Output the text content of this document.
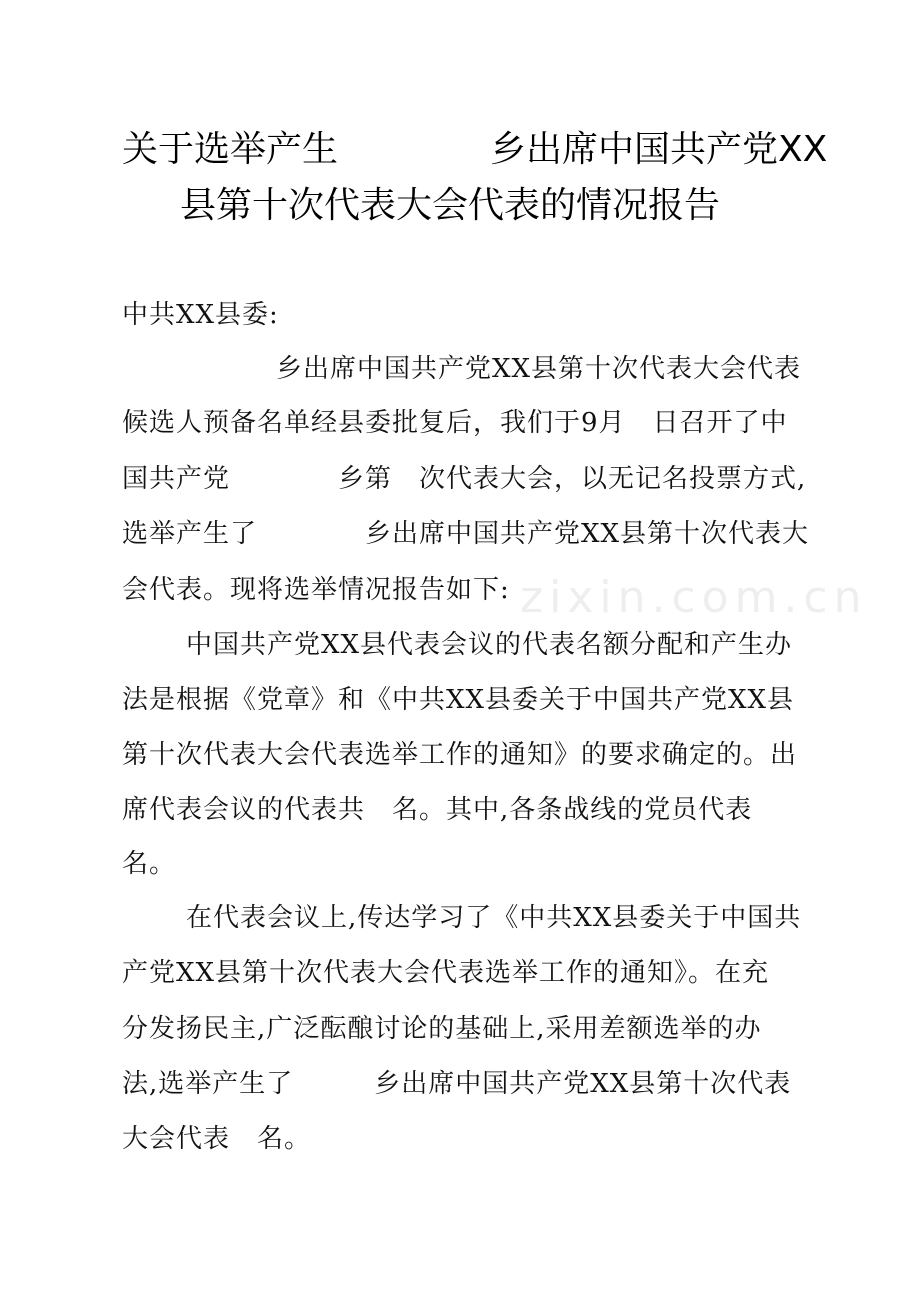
关于选举产生	乡出席中国共产党XX
县第十次代表大会代表的情况报告
中共XX县委:
乡出席中国共产党XX县第十次代表大会代表
候选人预备名单经县委批复后，我们于9月　日召开了中
国共产党　　　　乡第　次代表大会，以无记名投票方式,
选举产生了　　　　乡出席中国共产党XX县第十次代表大
会代表。现将选举情况报告如下:
中国共产党XX县代表会议的代表名额分配和产生办
法是根据《党章》和《中共XX县委关于中国共产党XX县
第十次代表大会代表选举工作的通知》的要求确定的。出
席代表会议的代表共　名。其中,各条战线的党员代表
名。
在代表会议上,传达学习了《中共XX县委关于中国共
产党XX县第十次代表大会代表选举工作的通知》。在充
分发扬民主,广泛酝酿讨论的基础上,采用差额选举的办
法,选举产生了　　　乡出席中国共产党XX县第十次代表
大会代表　名。
zixin.com.cn
